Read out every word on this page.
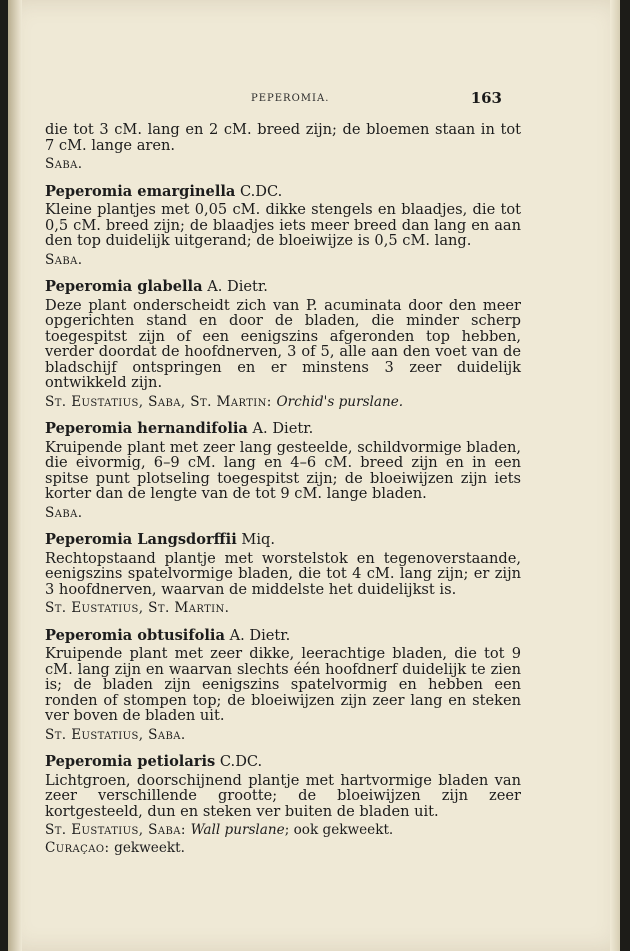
PEPEROMIA.	163

die tot 3 cM. lang en 2 cM. breed zijn; de bloemen staan in tot 7 cM. lange aren.

Saba.

Peperomia emarginella C.DC.

Kleine plantjes met 0,05 cM. dikke stengels en blaadjes, die tot 0,5 cM. breed zijn; de blaadjes iets meer breed dan lang en aan den top duidelijk uitgerand; de bloeiwijze is 0,5 cM. lang.

Saba.

Peperomia glabella A. Dietr.

Deze plant onderscheidt zich van P. acuminata door den meer opgerichten stand en door de bladen, die minder scherp toegespitst zijn of een eenigszins afgeronden top hebben, verder doordat de hoofdnerven, 3 of 5, alle aan den voet van de bladschijf ontspringen en er minstens 3 zeer duidelijk ontwikkeld zijn.

St. Eustatius, Saba, St. Martin: Orchid's purslane.

Peperomia hernandifolia A. Dietr.

Kruipende plant met zeer lang gesteelde, schildvormige bladen, die eivormig, 6–9 cM. lang en 4–6 cM. breed zijn en in een spitse punt plotseling toegespitst zijn; de bloeiwijzen zijn iets korter dan de lengte van de tot 9 cM. lange bladen.

Saba.

Peperomia Langsdorffii Miq.

Rechtopstaand plantje met worstelstok en tegenoverstaande, eenigszins spatelvormige bladen, die tot 4 cM. lang zijn; er zijn 3 hoofdnerven, waarvan de middelste het duidelijkst is.

St. Eustatius, St. Martin.

Peperomia obtusifolia A. Dietr.

Kruipende plant met zeer dikke, leerachtige bladen, die tot 9 cM. lang zijn en waarvan slechts één hoofdnerf duidelijk te zien is; de bladen zijn eenigszins spatelvormig en hebben een ronden of stompen top; de bloeiwijzen zijn zeer lang en steken ver boven de bladen uit.

St. Eustatius, Saba.

Peperomia petiolaris C.DC.

Lichtgroen, doorschijnend plantje met hartvormige bladen van zeer verschillende grootte; de bloeiwijzen zijn zeer kortgesteeld, dun en steken ver buiten de bladen uit.

St. Eustatius, Saba: Wall purslane; ook gekweekt.

Curaçao: gekweekt.
